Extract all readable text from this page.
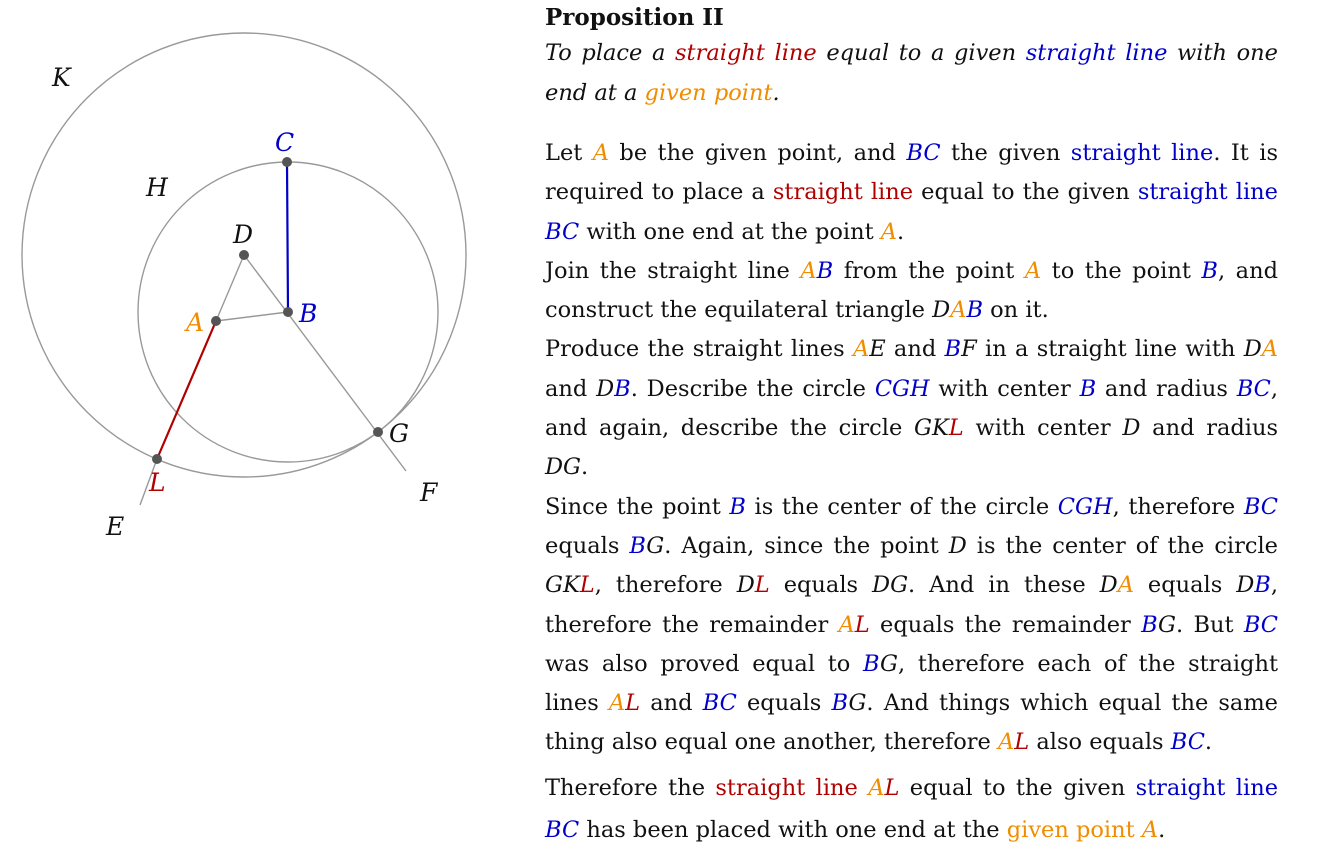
K
H
C
D
A	B
G
L	F
E
Proposition II

To place a straight line equal to a given straight line with one end at a given point.

Let A be the given point, and BC the given straight line. It is required to place a straight line equal to the given straight line BC with one end at the point A.

Join the straight line AB from the point A to the point B, and construct the equilateral triangle DAB on it.

Produce the straight lines AE and BF in a straight line with DA and DB. Describe the circle CGH with center B and radius BC, and again, describe the circle GKL with center D and radius DG.

Since the point B is the center of the circle CGH, therefore BC equals BG. Again, since the point D is the center of the circle GKL, therefore DL equals DG. And in these DA equals DB, therefore the remainder AL equals the remainder BG. But BC was also proved equal to BG, therefore each of the straight lines AL and BC equals BG. And things which equal the same thing also equal one another, therefore AL also equals BC.

Therefore the straight line AL equal to the given straight line BC has been placed with one end at the given point A.
